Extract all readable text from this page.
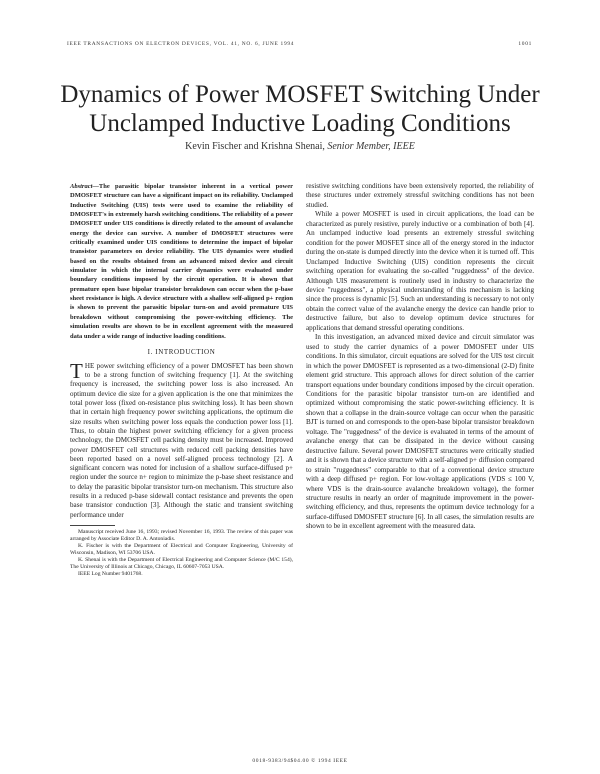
IEEE TRANSACTIONS ON ELECTRON DEVICES, VOL. 41, NO. 6, JUNE 1994	1001
Dynamics of Power MOSFET Switching Under Unclamped Inductive Loading Conditions
Kevin Fischer and Krishna Shenai, Senior Member, IEEE
Abstract—The parasitic bipolar transistor inherent in a vertical power DMOSFET structure can have a significant impact on its reliability. Unclamped Inductive Switching (UIS) tests were used to examine the reliability of DMOSFET's in extremely harsh switching conditions. The reliability of a power DMOSFET under UIS conditions is directly related to the amount of avalanche energy the device can survive. A number of DMOSFET structures were critically examined under UIS conditions to determine the impact of bipolar transistor parameters on device reliability. The UIS dynamics were studied based on the results obtained from an advanced mixed device and circuit simulator in which the internal carrier dynamics were evaluated under boundary conditions imposed by the circuit operation. It is shown that premature open base bipolar transistor breakdown can occur when the p-base sheet resistance is high. A device structure with a shallow self-aligned p+ region is shown to prevent the parasitic bipolar turn-on and avoid premature UIS breakdown without compromising the power-switching efficiency. The simulation results are shown to be in excellent agreement with the measured data under a wide range of inductive loading conditions.
I. INTRODUCTION

THE power switching efficiency of a power DMOSFET has been shown to be a strong function of switching frequency [1]. At the switching frequency is increased, the switching power loss is also increased. An optimum device die size for a given application is the one that minimizes the total power loss (fixed on-resistance plus switching loss). It has been shown that in certain high frequency power switching applications, the optimum die size results when switching power loss equals the conduction power loss [1]. Thus, to obtain the highest power switching efficiency for a given process technology, the DMOSFET cell packing density must be increased. Improved power DMOSFET cell structures with reduced cell packing densities have been reported based on a novel self-aligned process technology [2]. A significant concern was noted for inclusion of a shallow surface-diffused p+ region under the source n+ region to minimize the p-base sheet resistance and to delay the parasitic bipolar transistor turn-on mechanism. This structure also results in a reduced p-base sidewall contact resistance and prevents the open base transistor conduction [3]. Although the static and transient switching performance under

Manuscript received June 16, 1993; revised November 16, 1993. The review of this paper was arranged by Associate Editor D. A. Antoniadis.

K. Fischer is with the Department of Electrical and Computer Engineering, University of Wisconsin, Madison, WI 53706 USA.

K. Shenai is with the Department of Electrical Engineering and Computer Science (M/C 154), The University of Illinois at Chicago, Chicago, IL 60607-7053 USA.

IEEE Log Number 9401768.

resistive switching conditions have been extensively reported, the reliability of these structures under extremely stressful switching conditions has not been studied.

While a power MOSFET is used in circuit applications, the load can be characterized as purely resistive, purely inductive or a combination of both [4]. An unclamped inductive load presents an extremely stressful switching condition for the power MOSFET since all of the energy stored in the inductor during the on-state is dumped directly into the device when it is turned off. This Unclamped Inductive Switching (UIS) condition represents the circuit switching operation for evaluating the so-called "ruggedness" of the device. Although UIS measurement is routinely used in industry to characterize the device "ruggedness", a physical understanding of this mechanism is lacking since the process is dynamic [5]. Such an understanding is necessary to not only obtain the correct value of the avalanche energy the device can handle prior to destructive failure, but also to develop optimum device structures for applications that demand stressful operating conditions.

In this investigation, an advanced mixed device and circuit simulator was used to study the carrier dynamics of a power DMOSFET under UIS conditions. In this simulator, circuit equations are solved for the UIS test circuit in which the power DMOSFET is represented as a two-dimensional (2-D) finite element grid structure. This approach allows for direct solution of the carrier transport equations under boundary conditions imposed by the circuit operation. Conditions for the parasitic bipolar transistor turn-on are identified and optimized without compromising the static power-switching efficiency. It is shown that a collapse in the drain-source voltage can occur when the parasitic BJT is turned on and corresponds to the open-base bipolar transistor breakdown voltage. The "ruggedness" of the device is evaluated in terms of the amount of avalanche energy that can be dissipated in the device without causing destructive failure. Several power DMOSFET structures were critically studied and it is shown that a device structure with a self-aligned p+ diffusion compared to strain "ruggedness" comparable to that of a conventional device structure with a deep diffused p+ region. For low-voltage applications (VDS ≤ 100 V, where VDS is the drain-source avalanche breakdown voltage), the former structure results in nearly an order of magnitude improvement in the power-switching efficiency, and thus, represents the optimum device technology for a surface-diffused DMOSFET structure [6]. In all cases, the simulation results are shown to be in excellent agreement with the measured data.

0018-9383/94$04.00 © 1994 IEEE
